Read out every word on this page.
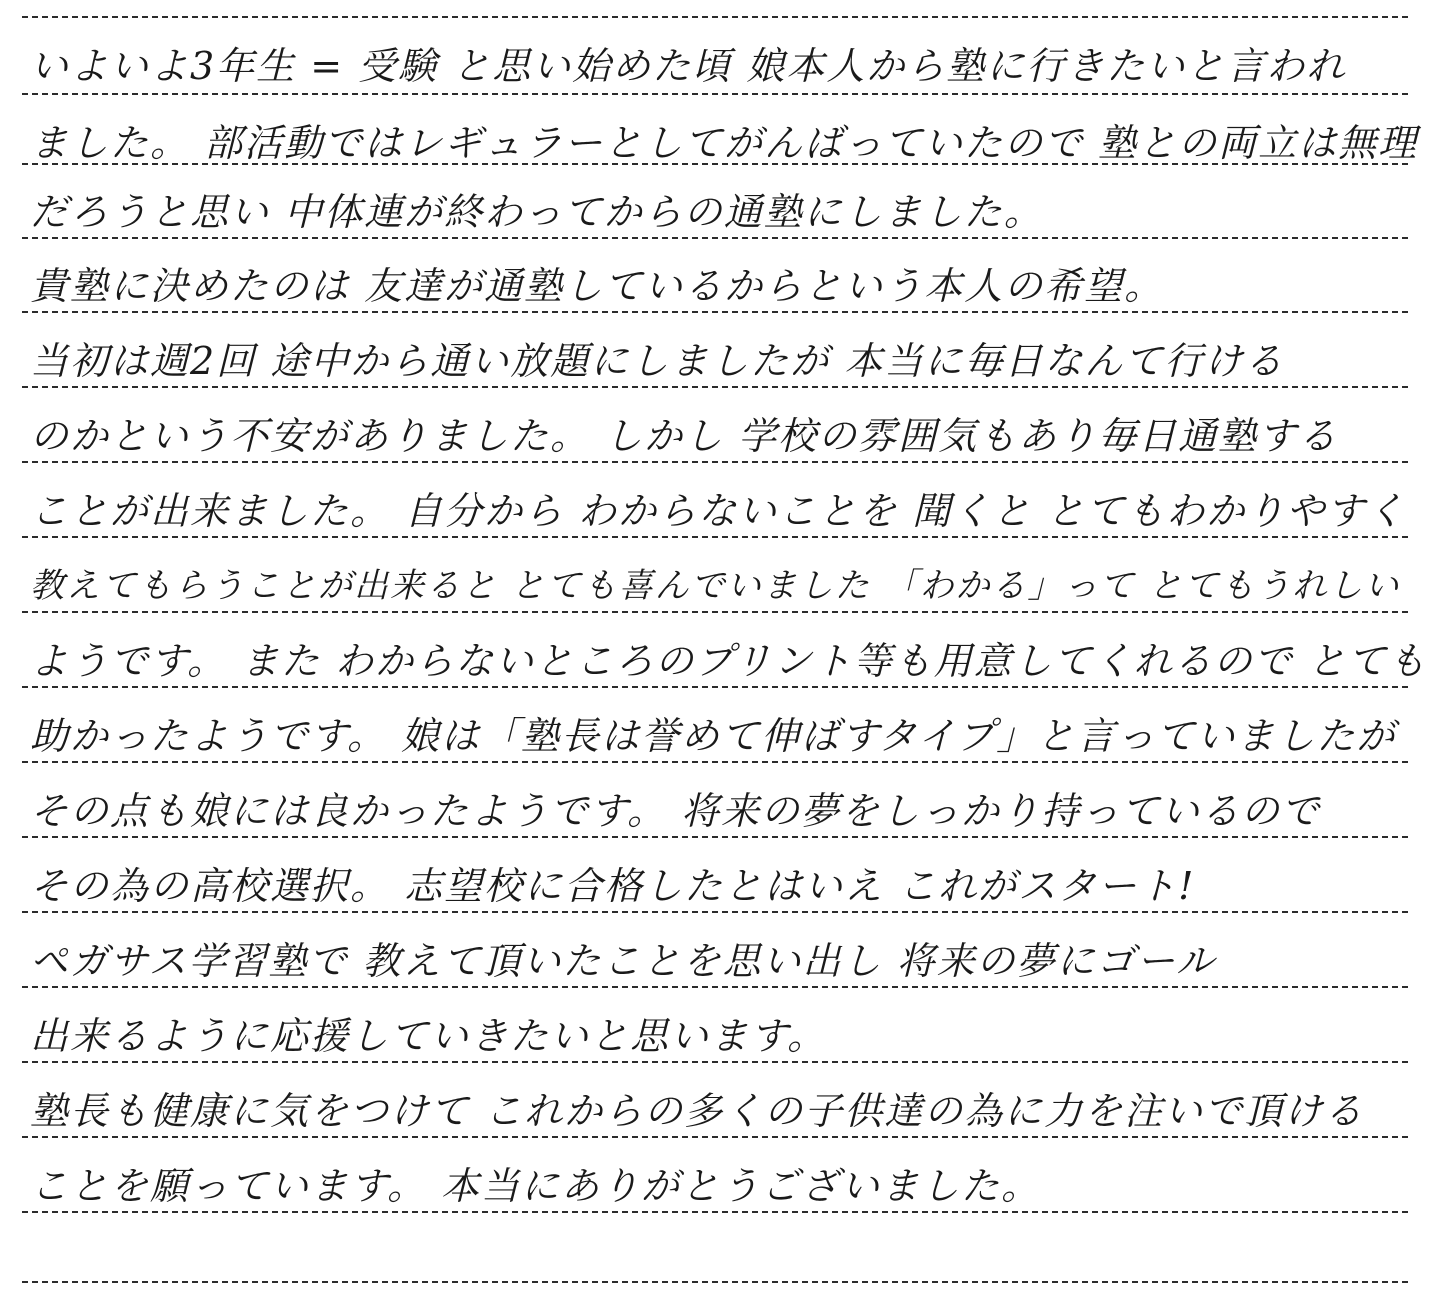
いよいよ3年生 = 受験 と思い始めた頃 娘本人から塾に行きたいと言われ
ました。 部活動ではレギュラーとしてがんばっていたので 塾との両立は無理
だろうと思い 中体連が終わってからの通塾にしました。
貴塾に決めたのは 友達が通塾しているからという本人の希望。
当初は週2回 途中から通い放題にしましたが 本当に毎日なんて行ける
のかという不安がありました。 しかし 学校の雰囲気もあり毎日通塾する
ことが出来ました。 自分から わからないことを 聞くと とてもわかりやすく
教えてもらうことが出来ると とても喜んでいました 「わかる」って とてもうれしい
ようです。 また わからないところのプリント等も用意してくれるので とても
助かったようです。 娘は「塾長は誉めて伸ばすタイプ」と言っていましたが
その点も娘には良かったようです。 将来の夢をしっかり持っているので
その為の高校選択。 志望校に合格したとはいえ これがスタート!
ペガサス学習塾で 教えて頂いたことを思い出し 将来の夢にゴール
出来るように応援していきたいと思います。
塾長も健康に気をつけて これからの多くの子供達の為に力を注いで頂ける
ことを願っています。 本当にありがとうございました。
